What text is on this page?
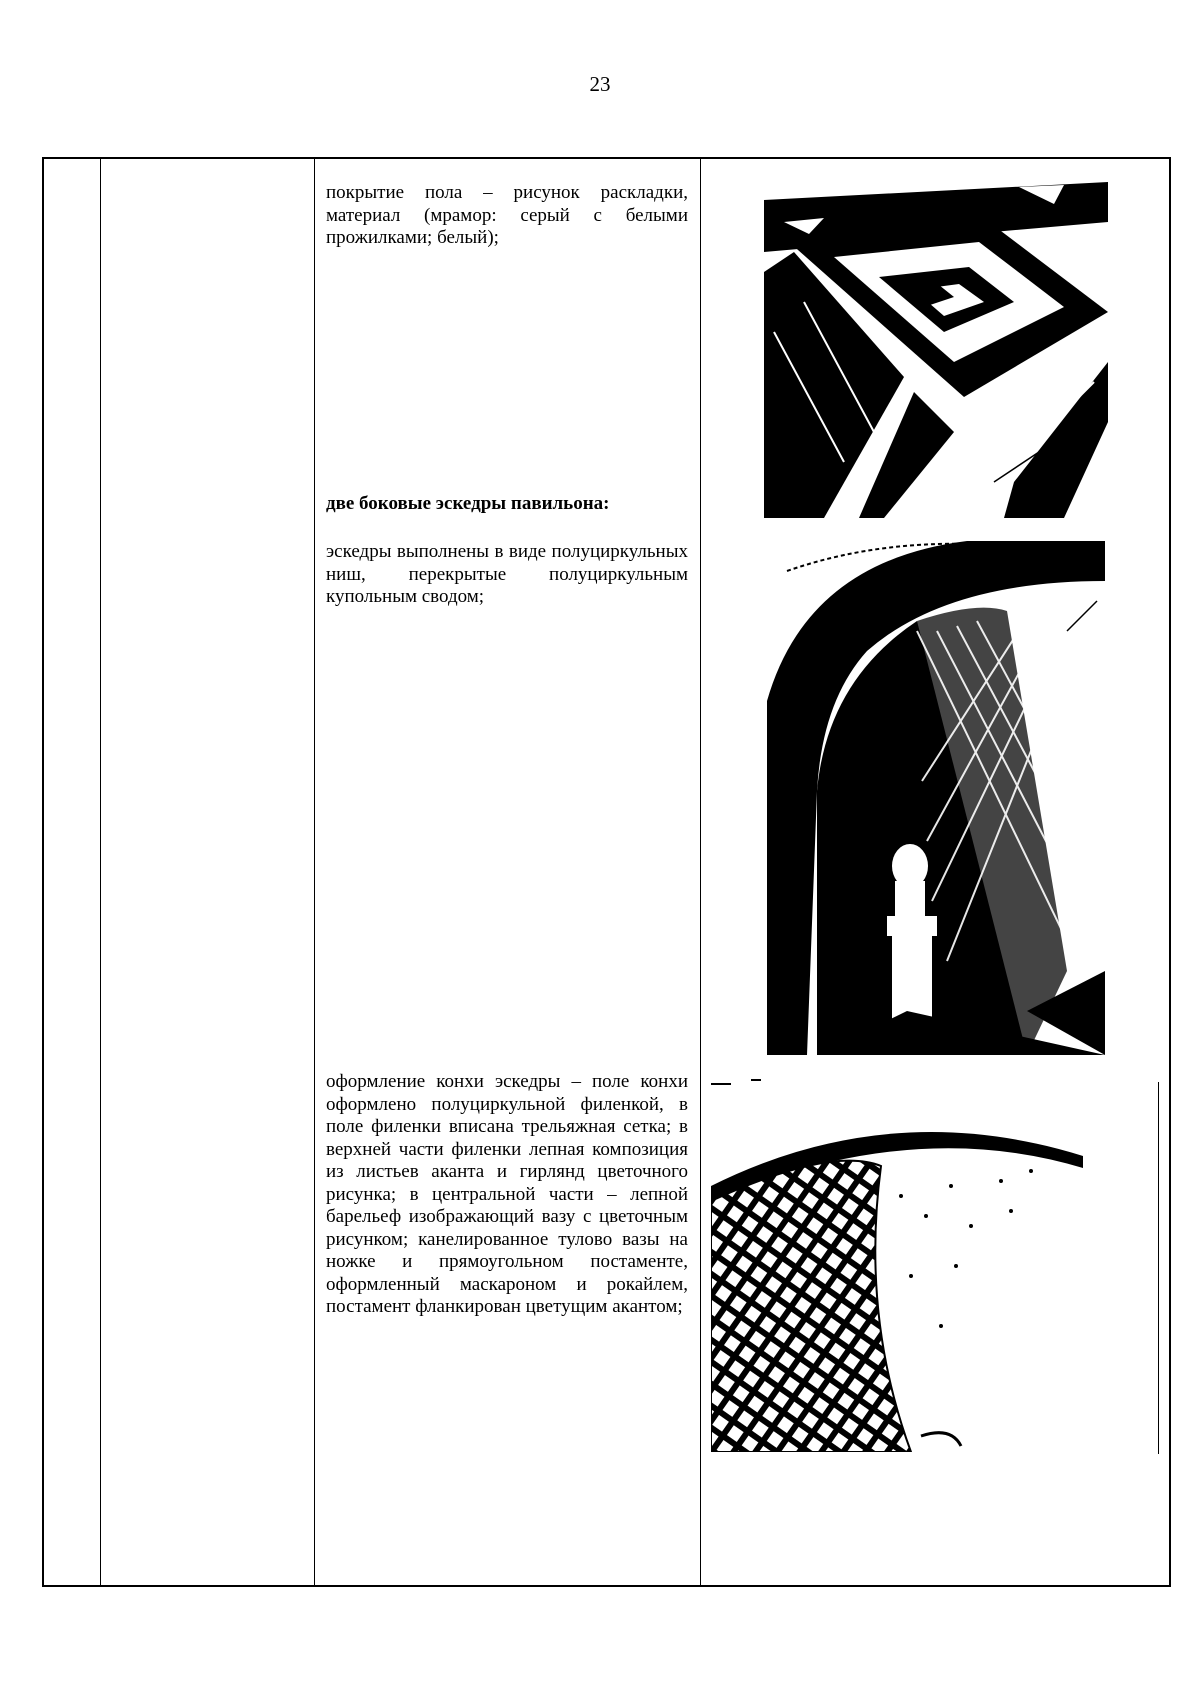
23
покрытие пола – рисунок раскладки, материал (мрамор: серый с белыми прожилками; белый);
две боковые эскедры павильона:
эскедры выполнены в виде полуциркульных ниш, перекрытые полуциркульным купольным сводом;
оформление конхи эскедры – поле конхи оформлено полуциркульной филенкой, в поле филенки вписана трельяжная сетка; в верхней части филенки лепная композиция из листьев аканта и гирлянд цветочного рисунка; в центральной части – лепной барельеф изображающий вазу с цветочным рисунком; канелированное тулово вазы на ножке и прямоугольном постаменте, оформленный маскароном и рокайлем, постамент фланкирован цветущим акантом;
